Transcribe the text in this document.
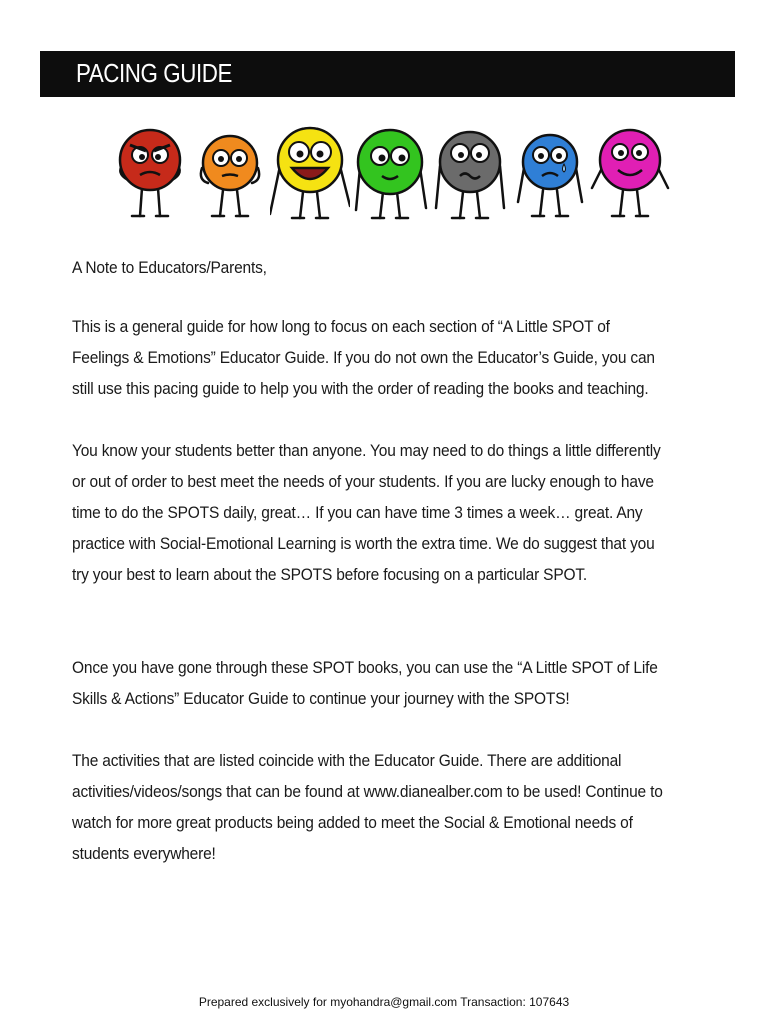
PACING GUIDE

A Note to Educators/Parents,

This is a general guide for how long to focus on each section of “A Little SPOT of Feelings & Emotions” Educator Guide. If you do not own the Educator’s Guide, you can still use this pacing guide to help you with the order of reading the books and teaching.

You know your students better than anyone. You may need to do things a little differently or out of order to best meet the needs of your students. If you are lucky enough to have time to do the SPOTS daily, great… If you can have time 3 times a week… great. Any practice with Social-Emotional Learning is worth the extra time. We do suggest that you try your best to learn about the SPOTS before focusing on a particular SPOT.

Once you have gone through these SPOT books, you can use the “A Little SPOT of Life Skills & Actions” Educator Guide to continue your journey with the SPOTS!

The activities that are listed coincide with the Educator Guide. There are additional activities/videos/songs that can be found at www.dianealber.com to be used! Continue to watch for more great products being added to meet the Social & Emotional needs of students everywhere!

Prepared exclusively for myohandra@gmail.com Transaction: 107643
